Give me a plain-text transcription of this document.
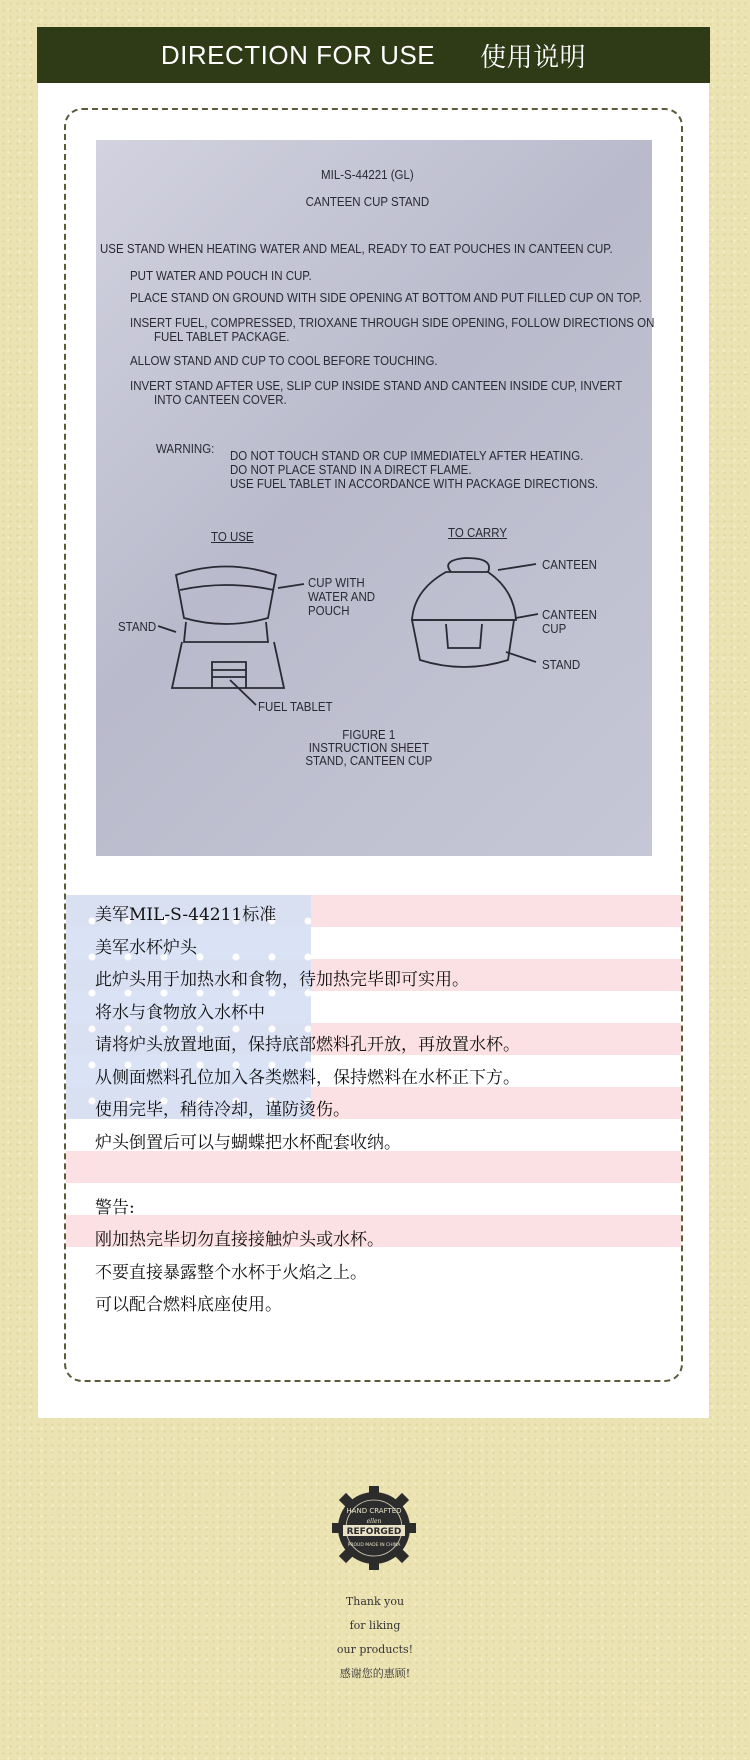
DIRECTION FOR USE 使用说明
MIL-S-44221 (GL)
CANTEEN CUP STAND
USE STAND WHEN HEATING WATER AND MEAL, READY TO EAT POUCHES IN CANTEEN CUP.
PUT WATER AND POUCH IN CUP.
PLACE STAND ON GROUND WITH SIDE OPENING AT BOTTOM AND PUT FILLED CUP ON TOP.
INSERT FUEL, COMPRESSED, TRIOXANE THROUGH SIDE OPENING, FOLLOW DIRECTIONS ON
FUEL TABLET PACKAGE.
ALLOW STAND AND CUP TO COOL BEFORE TOUCHING.
INVERT STAND AFTER USE, SLIP CUP INSIDE STAND AND CANTEEN INSIDE CUP, INVERT
INTO CANTEEN COVER.
WARNING: DO NOT TOUCH STAND OR CUP IMMEDIATELY AFTER HEATING.
DO NOT PLACE STAND IN A DIRECT FLAME.
USE FUEL TABLET IN ACCORDANCE WITH PACKAGE DIRECTIONS.
TO USE	TO CARRY
CUP WITH
WATER AND
POUCH
STAND
FUEL TABLET
CANTEEN
CANTEEN
CUP
STAND
FIGURE 1
INSTRUCTION SHEET
STAND, CANTEEN CUP
美军MIL-S-44211标准
美军水杯炉头
此炉头用于加热水和食物，待加热完毕即可实用。
将水与食物放入水杯中
请将炉头放置地面，保持底部燃料孔开放，再放置水杯。
从侧面燃料孔位加入各类燃料，保持燃料在水杯正下方。
使用完毕，稍待冷却，谨防烫伤。
炉头倒置后可以与蝴蝶把水杯配套收纳。
警告:
刚加热完毕切勿直接接触炉头或水杯。
不要直接暴露整个水杯于火焰之上。
可以配合燃料底座使用。
HAND CRAFTED
ellen
REFORGED
PROUD MADE IN CHINA
Thank you
for liking
our products!
感谢您的惠顾!
